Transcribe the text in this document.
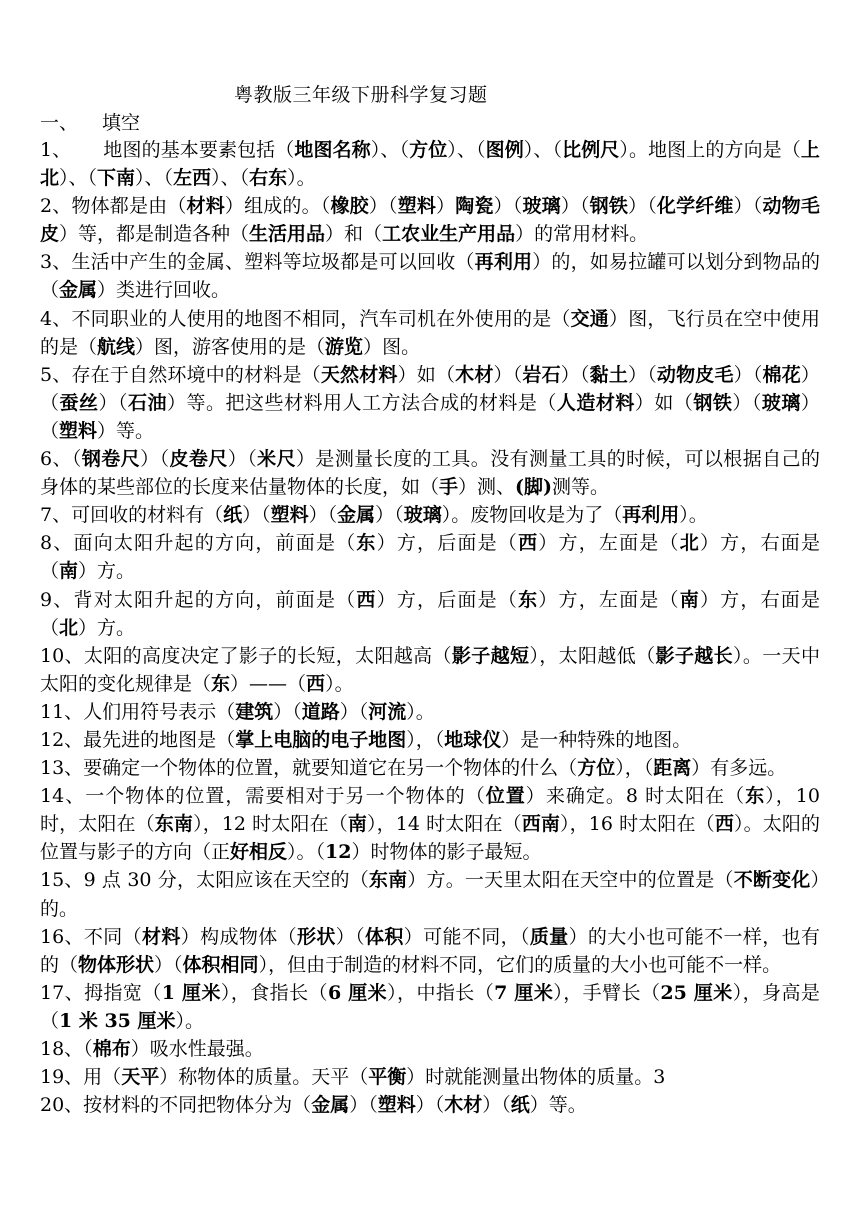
粤教版三年级下册科学复习题
一、 填空

1、 地图的基本要素包括（地图名称）、（方位）、（图例）、（比例尺）。地图上的方向是（上北）、（下南）、（左西）、（右东）。

2、物体都是由（材料）组成的。（橡胶）（塑料）陶瓷）（玻璃）（钢铁）（化学纤维）（动物毛皮）等，都是制造各种（生活用品）和（工农业生产用品）的常用材料。

3、生活中产生的金属、塑料等垃圾都是可以回收（再利用）的，如易拉罐可以划分到物品的（金属）类进行回收。

4、不同职业的人使用的地图不相同，汽车司机在外使用的是（交通）图，飞行员在空中使用的是（航线）图，游客使用的是（游览）图。

5、存在于自然环境中的材料是（天然材料）如（木材）（岩石）（黏土）（动物皮毛）（棉花）（蚕丝）（石油）等。把这些材料用人工方法合成的材料是（人造材料）如（钢铁）（玻璃）（塑料）等。

6、（钢卷尺）（皮卷尺）（米尺）是测量长度的工具。没有测量工具的时候，可以根据自己的身体的某些部位的长度来估量物体的长度，如（手）测、(脚)测等。

7、可回收的材料有（纸）（塑料）（金属）（玻璃）。废物回收是为了（再利用）。

8、面向太阳升起的方向，前面是（东）方，后面是（西）方，左面是（北）方，右面是（南）方。

9、背对太阳升起的方向，前面是（西）方，后面是（东）方，左面是（南）方，右面是（北）方。

10、太阳的高度决定了影子的长短，太阳越高（影子越短），太阳越低（影子越长）。一天中太阳的变化规律是（东）——（西）。

11、人们用符号表示（建筑）（道路）（河流）。

12、最先进的地图是（掌上电脑的电子地图），（地球仪）是一种特殊的地图。

13、要确定一个物体的位置，就要知道它在另一个物体的什么（方位），（距离）有多远。

14、一个物体的位置，需要相对于另一个物体的（位置）来确定。8 时太阳在（东），10 时，太阳在（东南），12 时太阳在（南），14 时太阳在（西南），16 时太阳在（西）。太阳的位置与影子的方向（正好相反）。（12）时物体的影子最短。

15、9 点 30 分，太阳应该在天空的（东南）方。一天里太阳在天空中的位置是（不断变化）的。

16、不同（材料）构成物体（形状）（体积）可能不同，（质量）的大小也可能不一样，也有的（物体形状）（体积相同），但由于制造的材料不同，它们的质量的大小也可能不一样。

17、拇指宽（1 厘米），食指长（6 厘米），中指长（7 厘米），手臂长（25 厘米），身高是（1 米 35 厘米）。

18、（棉布）吸水性最强。

19、用（天平）称物体的质量。天平（平衡）时就能测量出物体的质量。3

20、按材料的不同把物体分为（金属）（塑料）（木材）（纸）等。
